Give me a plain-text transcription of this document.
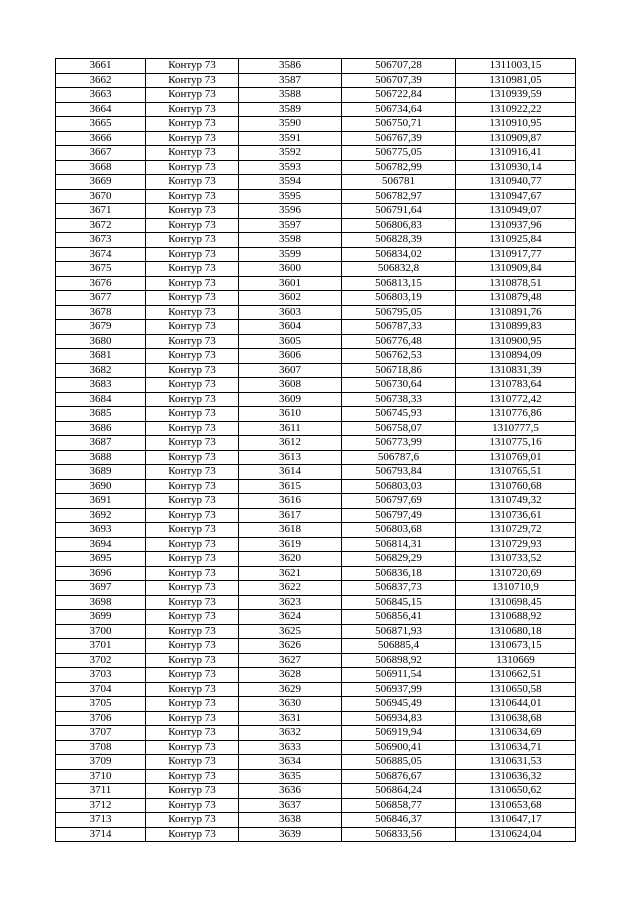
3661	Контур 73	3586	506707,28	1311003,15
3662	Контур 73	3587	506707,39	1310981,05
3663	Контур 73	3588	506722,84	1310939,59
3664	Контур 73	3589	506734,64	1310922,22
3665	Контур 73	3590	506750,71	1310910,95
3666	Контур 73	3591	506767,39	1310909,87
3667	Контур 73	3592	506775,05	1310916,41
3668	Контур 73	3593	506782,99	1310930,14
3669	Контур 73	3594	506781	1310940,77
3670	Контур 73	3595	506782,97	1310947,67
3671	Контур 73	3596	506791,64	1310949,07
3672	Контур 73	3597	506806,83	1310937,96
3673	Контур 73	3598	506828,39	1310925,84
3674	Контур 73	3599	506834,02	1310917,77
3675	Контур 73	3600	506832,8	1310909,84
3676	Контур 73	3601	506813,15	1310878,51
3677	Контур 73	3602	506803,19	1310879,48
3678	Контур 73	3603	506795,05	1310891,76
3679	Контур 73	3604	506787,33	1310899,83
3680	Контур 73	3605	506776,48	1310900,95
3681	Контур 73	3606	506762,53	1310894,09
3682	Контур 73	3607	506718,86	1310831,39
3683	Контур 73	3608	506730,64	1310783,64
3684	Контур 73	3609	506738,33	1310772,42
3685	Контур 73	3610	506745,93	1310776,86
3686	Контур 73	3611	506758,07	1310777,5
3687	Контур 73	3612	506773,99	1310775,16
3688	Контур 73	3613	506787,6	1310769,01
3689	Контур 73	3614	506793,84	1310765,51
3690	Контур 73	3615	506803,03	1310760,68
3691	Контур 73	3616	506797,69	1310749,32
3692	Контур 73	3617	506797,49	1310736,61
3693	Контур 73	3618	506803,68	1310729,72
3694	Контур 73	3619	506814,31	1310729,93
3695	Контур 73	3620	506829,29	1310733,52
3696	Контур 73	3621	506836,18	1310720,69
3697	Контур 73	3622	506837,73	1310710,9
3698	Контур 73	3623	506845,15	1310698,45
3699	Контур 73	3624	506856,41	1310688,92
3700	Контур 73	3625	506871,93	1310680,18
3701	Контур 73	3626	506885,4	1310673,15
3702	Контур 73	3627	506898,92	1310669
3703	Контур 73	3628	506911,54	1310662,51
3704	Контур 73	3629	506937,99	1310650,58
3705	Контур 73	3630	506945,49	1310644,01
3706	Контур 73	3631	506934,83	1310638,68
3707	Контур 73	3632	506919,94	1310634,69
3708	Контур 73	3633	506900,41	1310634,71
3709	Контур 73	3634	506885,05	1310631,53
3710	Контур 73	3635	506876,67	1310636,32
3711	Контур 73	3636	506864,24	1310650,62
3712	Контур 73	3637	506858,77	1310653,68
3713	Контур 73	3638	506846,37	1310647,17
3714	Контур 73	3639	506833,56	1310624,04
